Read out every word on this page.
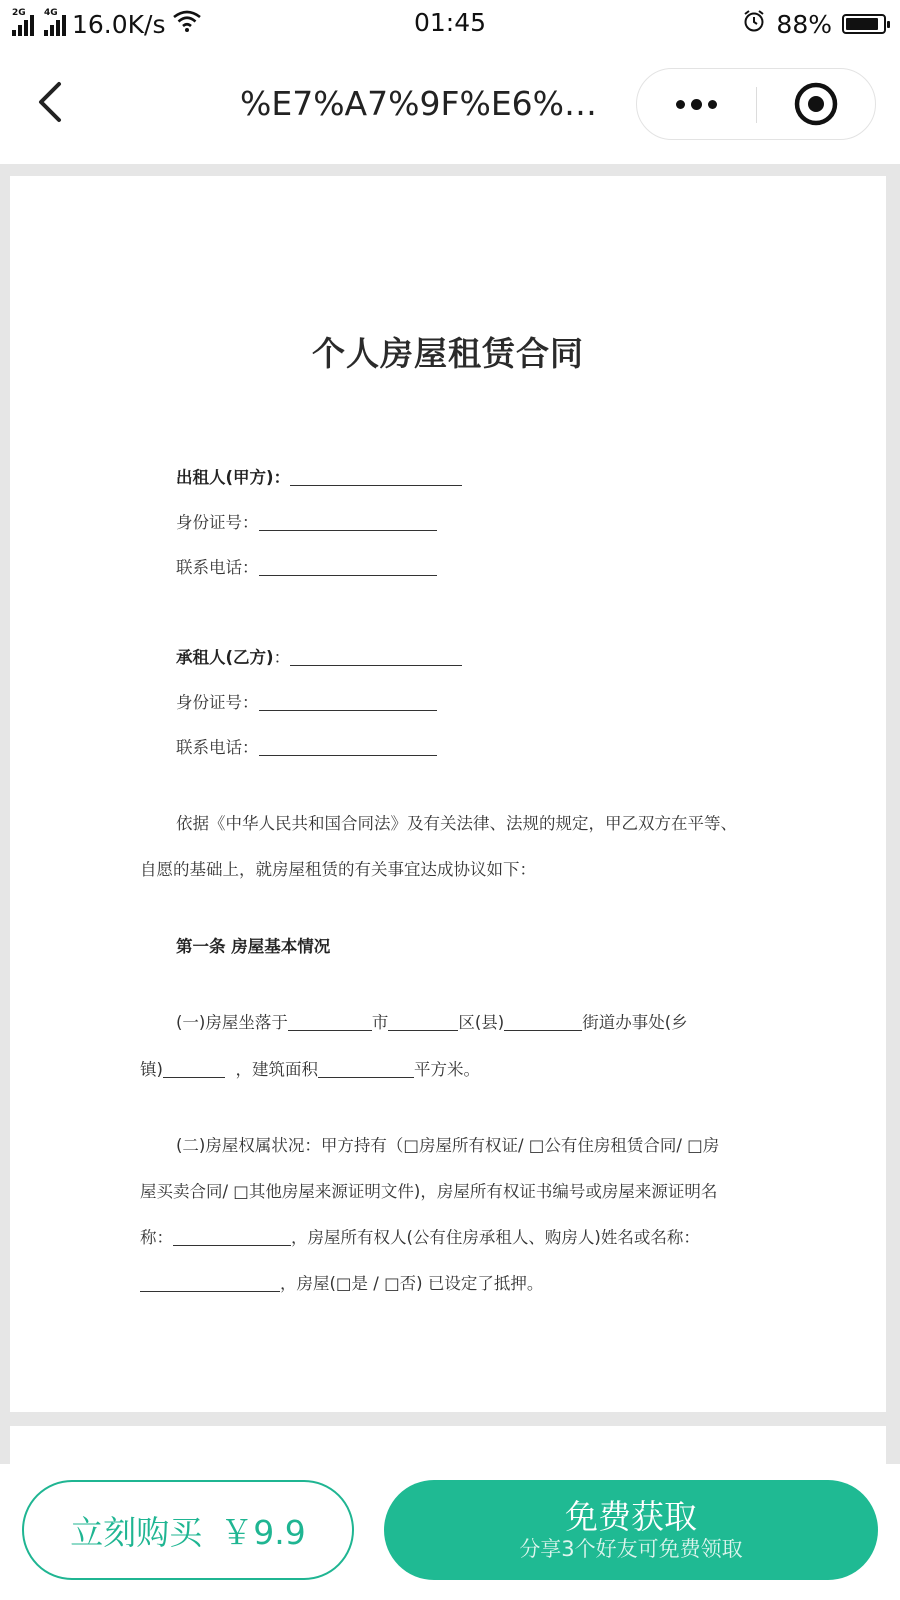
2G 4G 16.0K/s	01:45	88%
%E7%A7%9F%E6%…
个人房屋租赁合同
出租人(甲方)：
身份证号：
联系电话：
承租人(乙方)：
身份证号：
联系电话：
依据《中华人民共和国合同法》及有关法律、法规的规定，甲乙双方在平等、
自愿的基础上，就房屋租赁的有关事宜达成协议如下：
第一条 房屋基本情况
(一)房屋坐落于	市	区(县)	街道办事处(乡
镇)	，建筑面积	平方米。
(二)房屋权属状况：甲方持有（□房屋所有权证/ □公有住房租赁合同/ □房
屋买卖合同/ □其他房屋来源证明文件)，房屋所有权证书编号或房屋来源证明名
称：	，房屋所有权人(公有住房承租人、购房人)姓名或名称：
，房屋(□是 / □否) 已设定了抵押。
立刻购买 ￥9.9	免费获取
分享3个好友可免费领取
